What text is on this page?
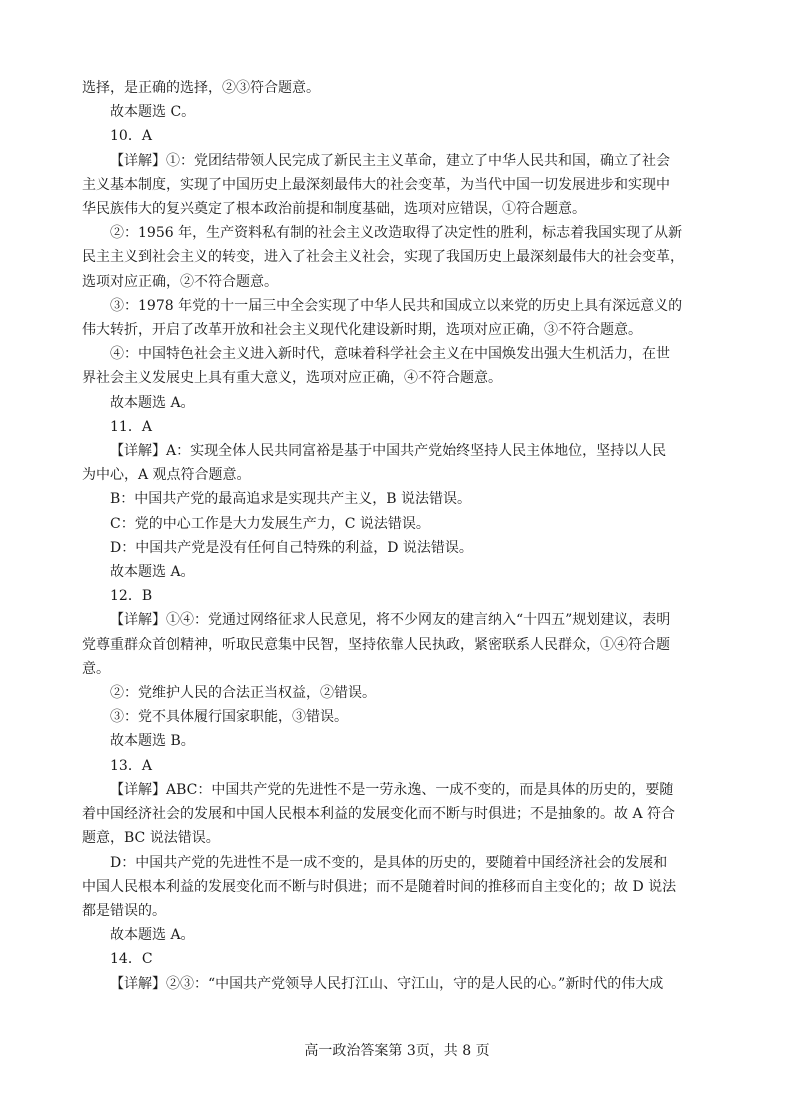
选择，是正确的选择，②③符合题意。
故本题选 C。
10．A
【详解】①：党团结带领人民完成了新民主主义革命，建立了中华人民共和国，确立了社会
主义基本制度，实现了中国历史上最深刻最伟大的社会变革，为当代中国一切发展进步和实现中
华民族伟大的复兴奠定了根本政治前提和制度基础，选项对应错误，①符合题意。
②：1956 年，生产资料私有制的社会主义改造取得了决定性的胜利，标志着我国实现了从新
民主主义到社会主义的转变，进入了社会主义社会，实现了我国历史上最深刻最伟大的社会变革，
选项对应正确，②不符合题意。
③：1978 年党的十一届三中全会实现了中华人民共和国成立以来党的历史上具有深远意义的
伟大转折，开启了改革开放和社会主义现代化建设新时期，选项对应正确，③不符合题意。
④：中国特色社会主义进入新时代，意味着科学社会主义在中国焕发出强大生机活力，在世
界社会主义发展史上具有重大意义，选项对应正确，④不符合题意。
故本题选 A。
11．A
【详解】A：实现全体人民共同富裕是基于中国共产党始终坚持人民主体地位，坚持以人民
为中心，A 观点符合题意。
B：中国共产党的最高追求是实现共产主义，B 说法错误。
C：党的中心工作是大力发展生产力，C 说法错误。
D：中国共产党是没有任何自己特殊的利益，D 说法错误。
故本题选 A。
12．B
【详解】①④：党通过网络征求人民意见，将不少网友的建言纳入“十四五”规划建议，表明
党尊重群众首创精神，听取民意集中民智，坚持依靠人民执政，紧密联系人民群众，①④符合题
意。
②：党维护人民的合法正当权益，②错误。
③：党不具体履行国家职能，③错误。
故本题选 B。
13．A
【详解】ABC：中国共产党的先进性不是一劳永逸、一成不变的，而是具体的历史的，要随
着中国经济社会的发展和中国人民根本利益的发展变化而不断与时俱进；不是抽象的。故 A 符合
题意，BC 说法错误。
D：中国共产党的先进性不是一成不变的，是具体的历史的，要随着中国经济社会的发展和
中国人民根本利益的发展变化而不断与时俱进；而不是随着时间的推移而自主变化的；故 D 说法
都是错误的。
故本题选 A。
14．C
【详解】②③：“中国共产党领导人民打江山、守江山，守的是人民的心。”新时代的伟大成
高一政治答案第 3页，共 8 页
